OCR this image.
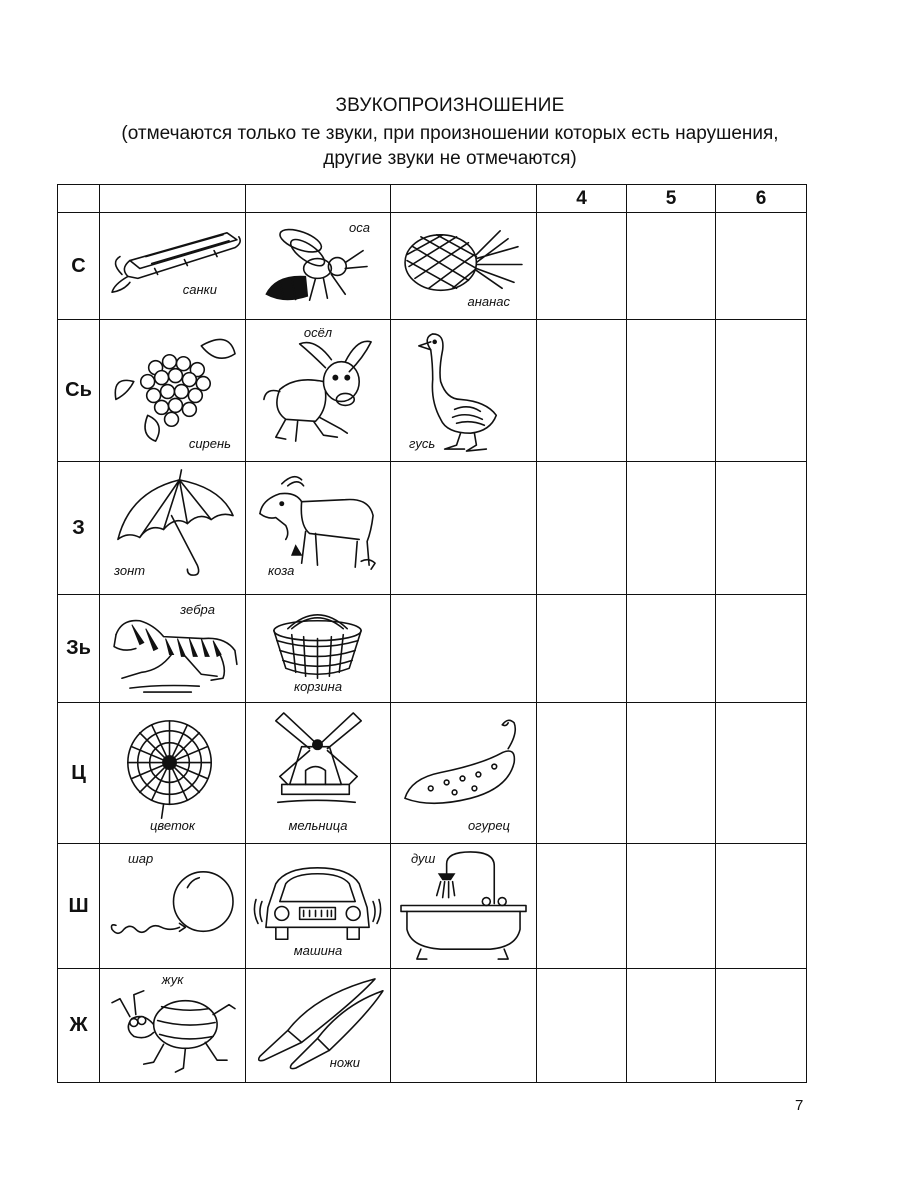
ЗВУКОПРОИЗНОШЕНИЕ
(отмечаются только те звуки, при произношении которых есть нарушения,
другие звуки не отмечаются)
				4	5	6
С	санки	оса	ананас			

Сь	сирень	осёл	гусь			

З	зонт	коза				

Зь	зебра	корзина				

Ц	цветок	мельница	огурец			

Ш	шар	машина	душ			

Ж	жук	ножи				

7
